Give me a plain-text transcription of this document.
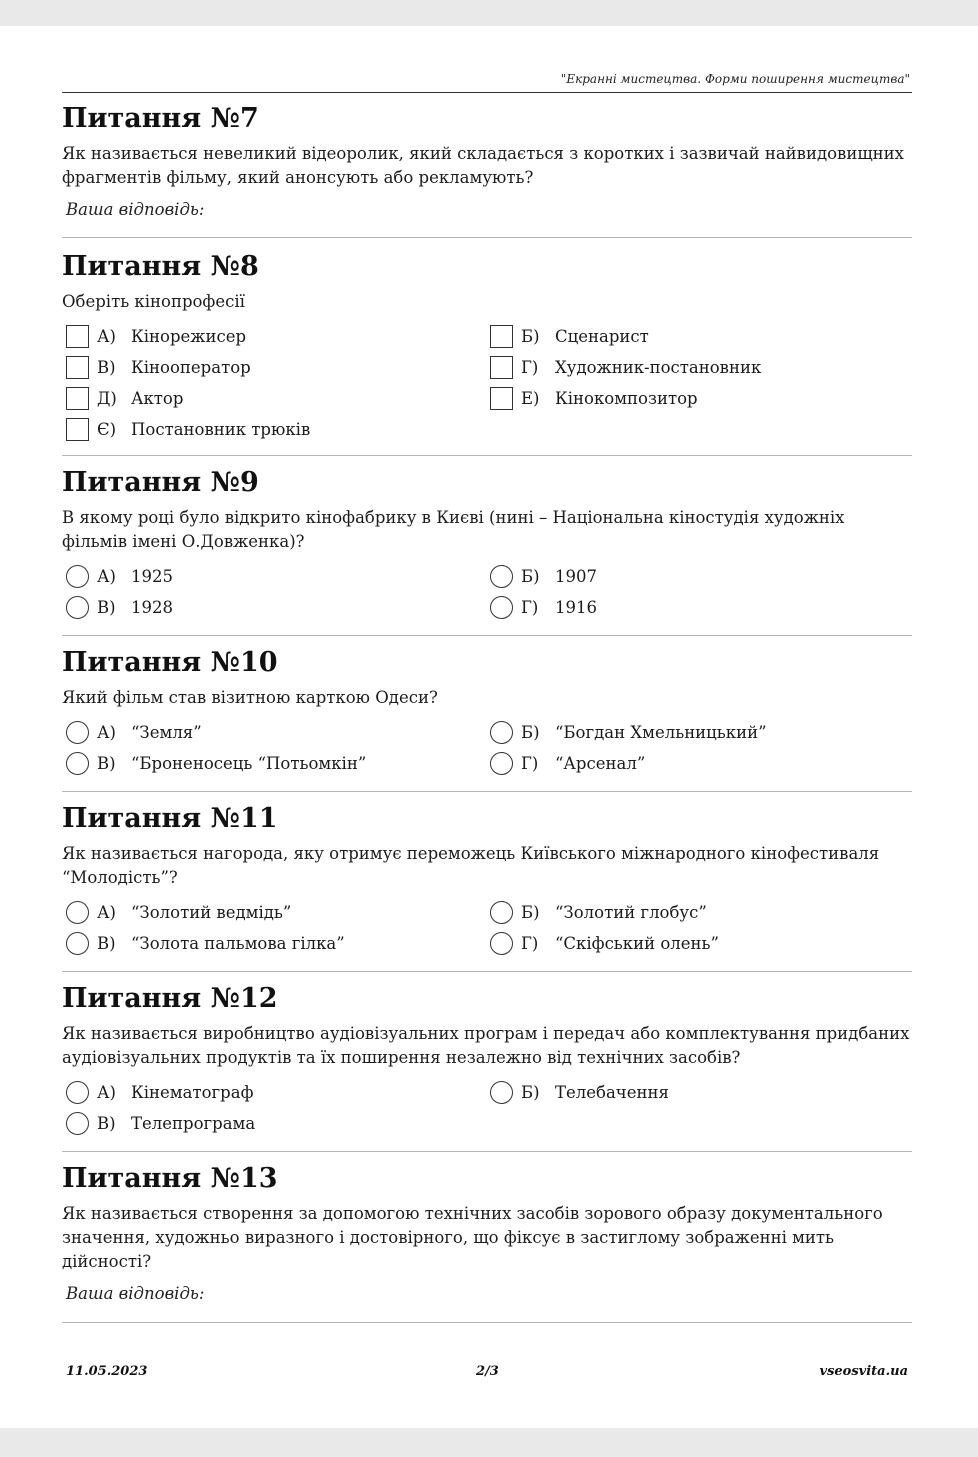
"Екранні мистецтва. Форми поширення мистецтва"
Питання №7
Як називається невеликий відеоролик, який складається з коротких і зазвичай найвидовищних фрагментів фільму, який анонсують або рекламують?
Ваша відповідь:
Питання №8
Оберіть кінопрофесії
А) Кінорежисер	Б) Сценарист
В) Кінооператор	Г)	Художник-постановник
Д) Актор	Е) Кінокомпозитор
Є) Постановник трюків
Питання №9
В якому році було відкрито кінофабрику в Києві (нині – Національна кіностудія художніх фільмів імені О.Довженка)?
А) 1925	Б) 1907
В) 1928	Г)	1916
Питання №10
Який фільм став візитною карткою Одеси?
А) “Земля”	Б) “Богдан Хмельницький”
В) “Броненосець “Потьомкін”	Г)	“Арсенал”
Питання №11
Як називається нагорода, яку отримує переможець Київського міжнародного кінофестиваля “Молодість”?
А) “Золотий ведмідь”	Б) “Золотий глобус”
В) “Золота пальмова гілка”	Г)	“Скіфський олень”
Питання №12
Як називається виробництво аудіовізуальних програм і передач або комплектування придбаних аудіовізуальних продуктів та їх поширення незалежно від технічних засобів?
А) Кінематограф	Б) Телебачення
В) Телепрограма
Питання №13
Як називається створення за допомогою технічних засобів зорового образу документального значення, художньо виразного і достовірного, що фіксує в застиглому зображенні мить дійсності?
Ваша відповідь:
11.05.2023	2/3	vseosvita.ua
